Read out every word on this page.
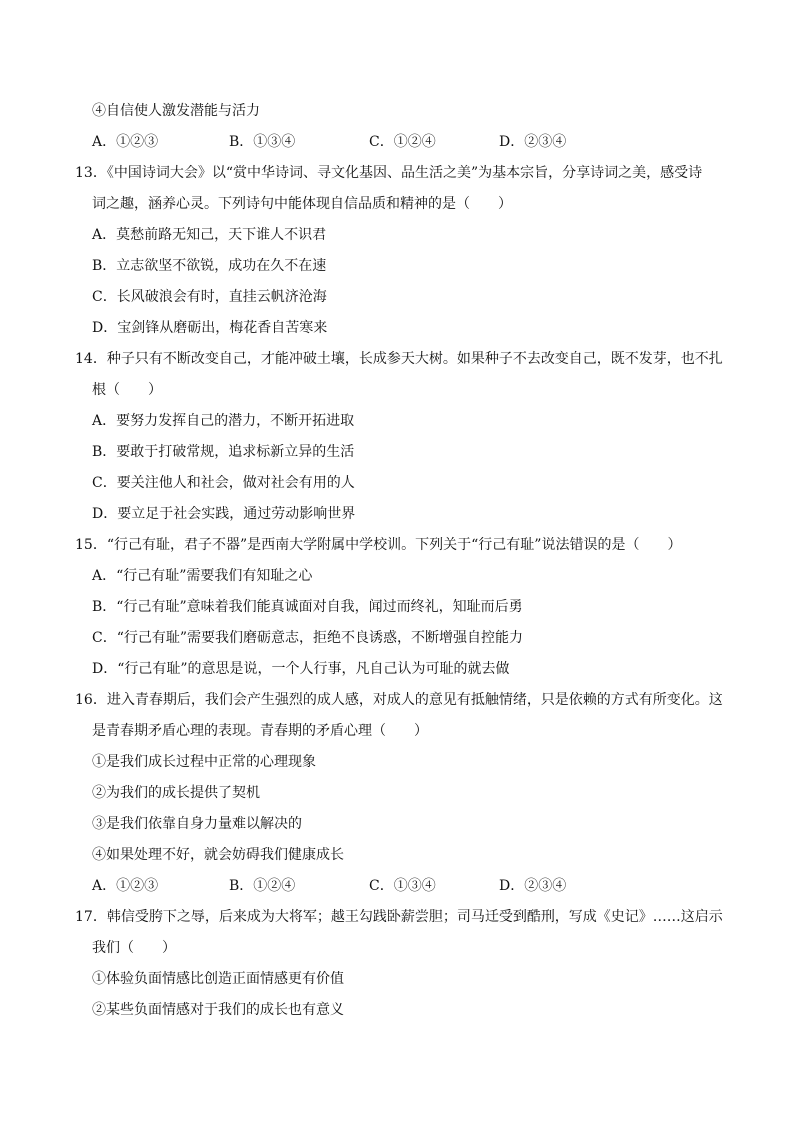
④自信使人激发潜能与活力
A．①②③	B．①③④	C．①②④	D．②③④
13．《中国诗词大会》以“赏中华诗词、寻文化基因、品生活之美”为基本宗旨，分享诗词之美，感受诗
词之趣，涵养心灵。下列诗句中能体现自信品质和精神的是（　　）
A．莫愁前路无知己，天下谁人不识君
B．立志欲坚不欲锐，成功在久不在速
C．长风破浪会有时，直挂云帆济沧海
D．宝剑锋从磨砺出，梅花香自苦寒来
14．种子只有不断改变自己，才能冲破土壤，长成参天大树。如果种子不去改变自己，既不发芽，也不扎
根（　　）
A．要努力发挥自己的潜力，不断开拓进取
B．要敢于打破常规，追求标新立异的生活
C．要关注他人和社会，做对社会有用的人
D．要立足于社会实践，通过劳动影响世界
15．“行己有耻，君子不器”是西南大学附属中学校训。下列关于“行己有耻”说法错误的是（　　）
A．“行己有耻”需要我们有知耻之心
B．“行己有耻”意味着我们能真诚面对自我，闻过而终礼，知耻而后勇
C．“行己有耻”需要我们磨砺意志，拒绝不良诱惑，不断增强自控能力
D．“行己有耻”的意思是说，一个人行事，凡自己认为可耻的就去做
16．进入青春期后，我们会产生强烈的成人感，对成人的意见有抵触情绪，只是依赖的方式有所变化。这
是青春期矛盾心理的表现。青春期的矛盾心理（　　）
①是我们成长过程中正常的心理现象
②为我们的成长提供了契机
③是我们依靠自身力量难以解决的
④如果处理不好，就会妨碍我们健康成长
A．①②③	B．①②④	C．①③④	D．②③④
17．韩信受胯下之辱，后来成为大将军；越王勾践卧薪尝胆；司马迁受到酷刑，写成《史记》……这启示
我们（　　）
①体验负面情感比创造正面情感更有价值
②某些负面情感对于我们的成长也有意义
